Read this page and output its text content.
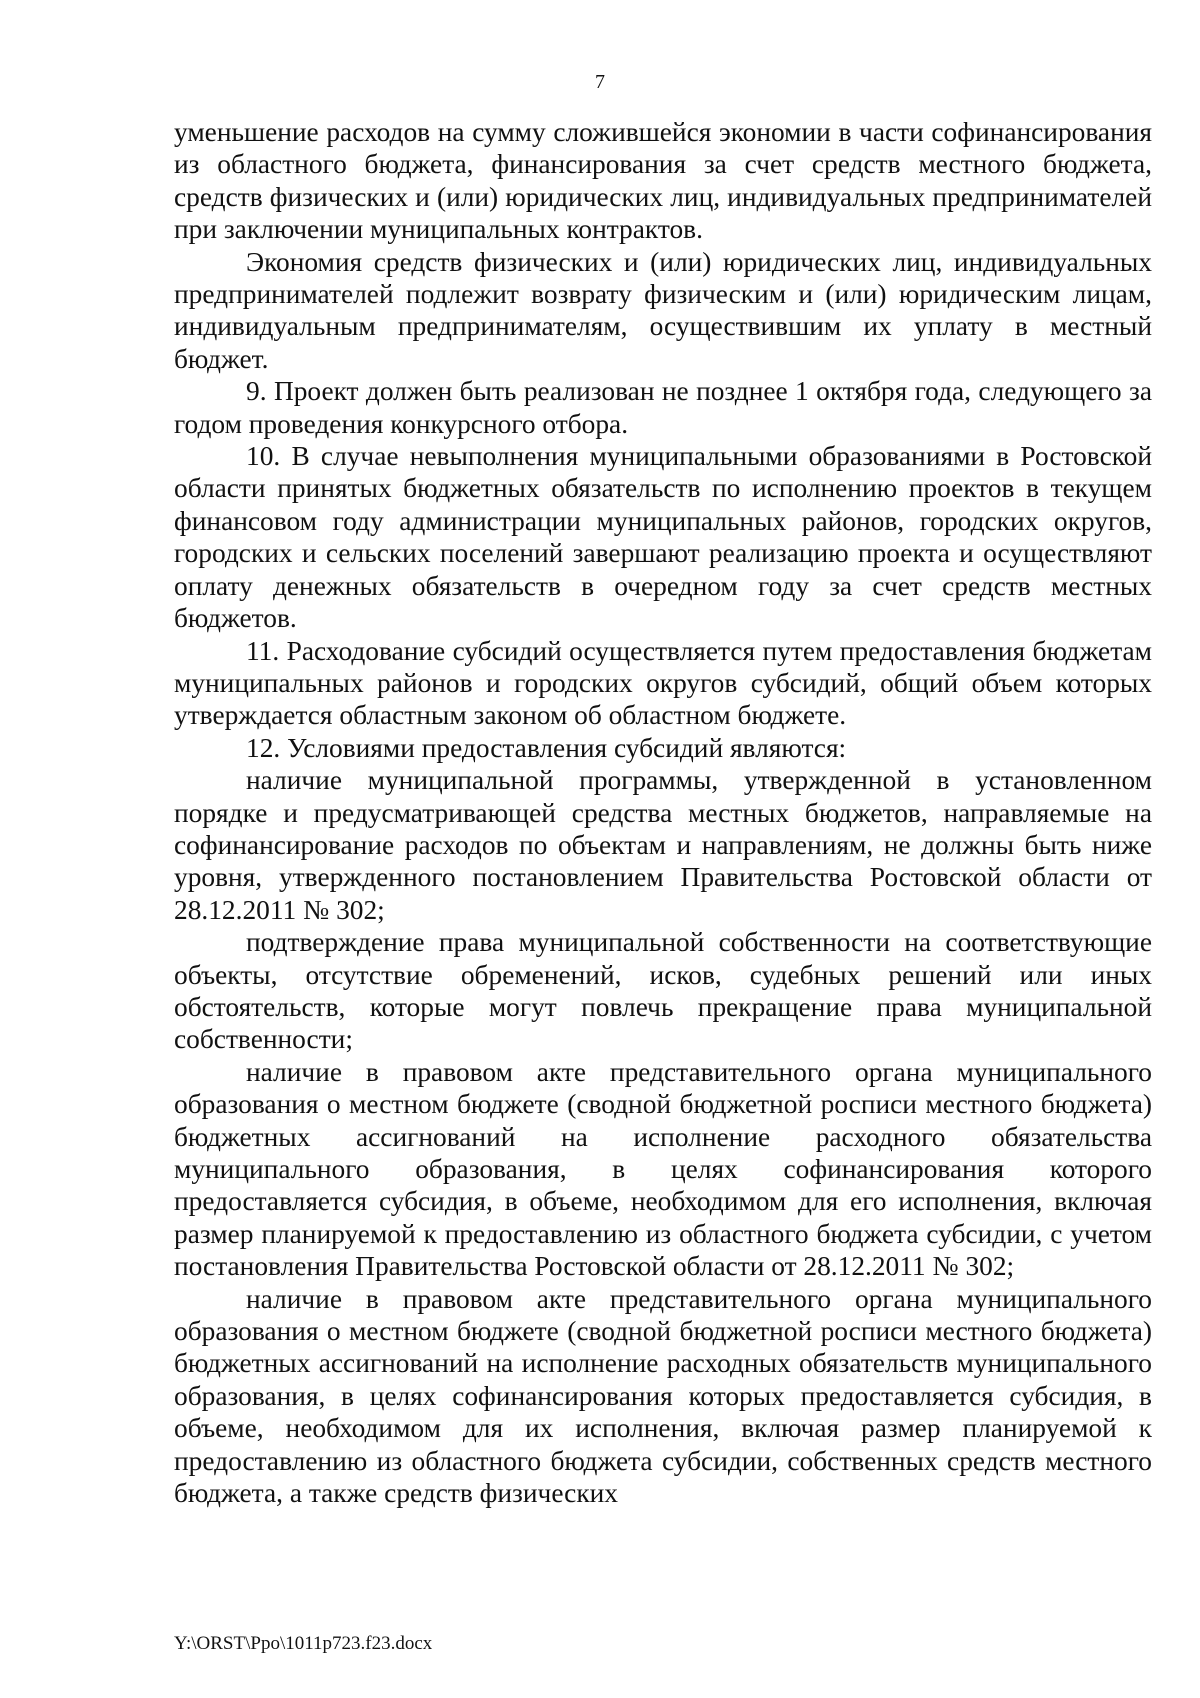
7

уменьшение расходов на сумму сложившейся экономии в части софинансирования из областного бюджета, финансирования за счет средств местного бюджета, средств физических и (или) юридических лиц, индивидуальных предпринимателей при заключении муниципальных контрактов.

Экономия средств физических и (или) юридических лиц, индивидуальных предпринимателей подлежит возврату физическим и (или) юридическим лицам, индивидуальным предпринимателям, осуществившим их уплату в местный бюджет.

9. Проект должен быть реализован не позднее 1 октября года, следующего за годом проведения конкурсного отбора.

10. В случае невыполнения муниципальными образованиями в Ростовской области принятых бюджетных обязательств по исполнению проектов в текущем финансовом году администрации муниципальных районов, городских округов, городских и сельских поселений завершают реализацию проекта и осуществляют оплату денежных обязательств в очередном году за счет средств местных бюджетов.

11. Расходование субсидий осуществляется путем предоставления бюджетам муниципальных районов и городских округов субсидий, общий объем которых утверждается областным законом об областном бюджете.

12. Условиями предоставления субсидий являются:

наличие муниципальной программы, утвержденной в установленном порядке и предусматривающей средства местных бюджетов, направляемые на софинансирование расходов по объектам и направлениям, не должны быть ниже уровня, утвержденного постановлением Правительства Ростовской области от 28.12.2011 № 302;

подтверждение права муниципальной собственности на соответствующие объекты, отсутствие обременений, исков, судебных решений или иных обстоятельств, которые могут повлечь прекращение права муниципальной собственности;

наличие в правовом акте представительного органа муниципального образования о местном бюджете (сводной бюджетной росписи местного бюджета) бюджетных ассигнований на исполнение расходного обязательства муниципального образования, в целях софинансирования которого предоставляется субсидия, в объеме, необходимом для его исполнения, включая размер планируемой к предоставлению из областного бюджета субсидии, с учетом постановления Правительства Ростовской области от 28.12.2011 № 302;

наличие в правовом акте представительного органа муниципального образования о местном бюджете (сводной бюджетной росписи местного бюджета) бюджетных ассигнований на исполнение расходных обязательств муниципального образования, в целях софинансирования которых предоставляется субсидия, в объеме, необходимом для их исполнения, включая размер планируемой к предоставлению из областного бюджета субсидии, собственных средств местного бюджета, а также средств физических

Y:\ORST\Ppo\1011p723.f23.docx
